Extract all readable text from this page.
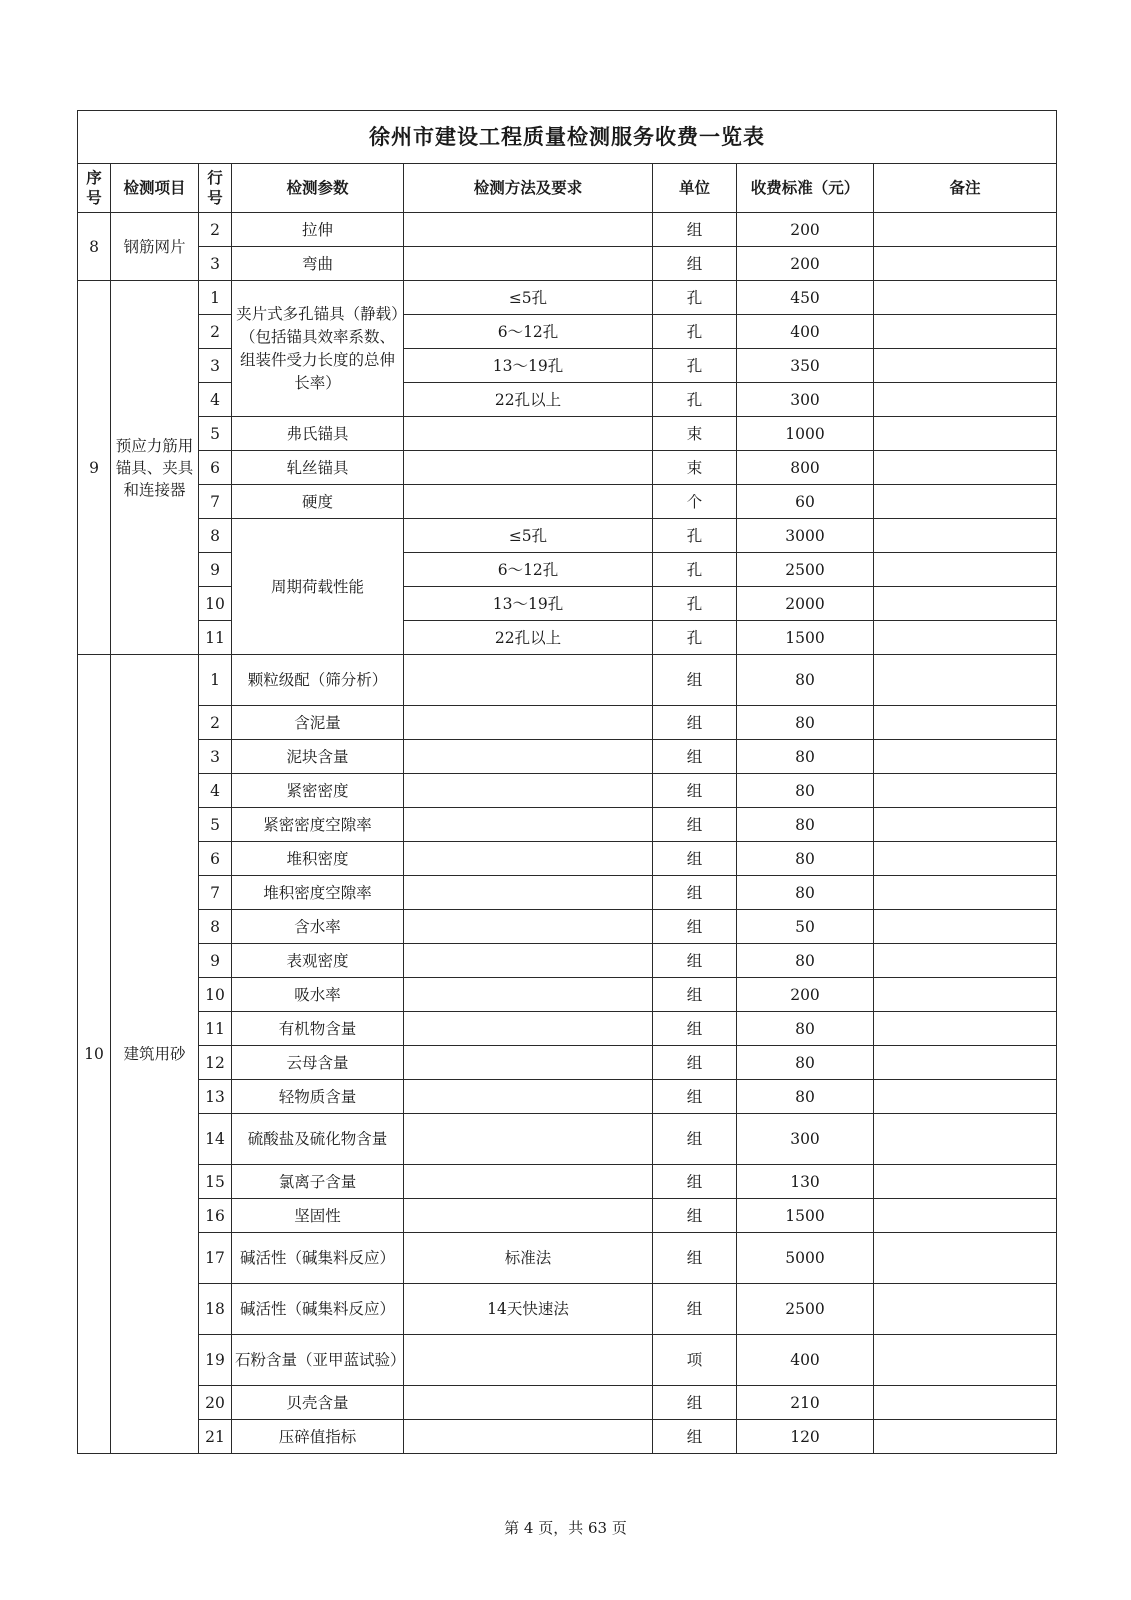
徐州市建设工程质量检测服务收费一览表							
序号	检测项目	行号	检测参数	检测方法及要求	单位	收费标准（元）	备注
8	钢筋网片	2	拉伸		组	200	
		3	弯曲		组	200	
9	预应力筋用锚具、夹具和连接器	1	夹片式多孔锚具（静载）（包括锚具效率系数、组装件受力长度的总伸长率）	≤5孔	孔	450	
		2		6～12孔	孔	400	
		3		13～19孔	孔	350	
		4		22孔以上	孔	300	
		5	弗氏锚具		束	1000	
		6	轧丝锚具		束	800	
		7	硬度		个	60	
		8	周期荷载性能	≤5孔	孔	3000	
		9		6～12孔	孔	2500	
		10		13～19孔	孔	2000	
		11		22孔以上	孔	1500	
10	建筑用砂	1	颗粒级配（筛分析）		组	80	
		2	含泥量		组	80	
		3	泥块含量		组	80	
		4	紧密密度		组	80	
		5	紧密密度空隙率		组	80	
		6	堆积密度		组	80	
		7	堆积密度空隙率		组	80	
		8	含水率		组	50	
		9	表观密度		组	80	
		10	吸水率		组	200	
		11	有机物含量		组	80	
		12	云母含量		组	80	
		13	轻物质含量		组	80	
		14	硫酸盐及硫化物含量		组	300	
		15	氯离子含量		组	130	
		16	坚固性		组	1500	
		17	碱活性（碱集料反应）	标准法	组	5000	
		18	碱活性（碱集料反应）	14天快速法	组	2500	
		19	石粉含量（亚甲蓝试验）		项	400	
		20	贝壳含量		组	210	
		21	压碎值指标		组	120	
第 4 页，共 63 页
